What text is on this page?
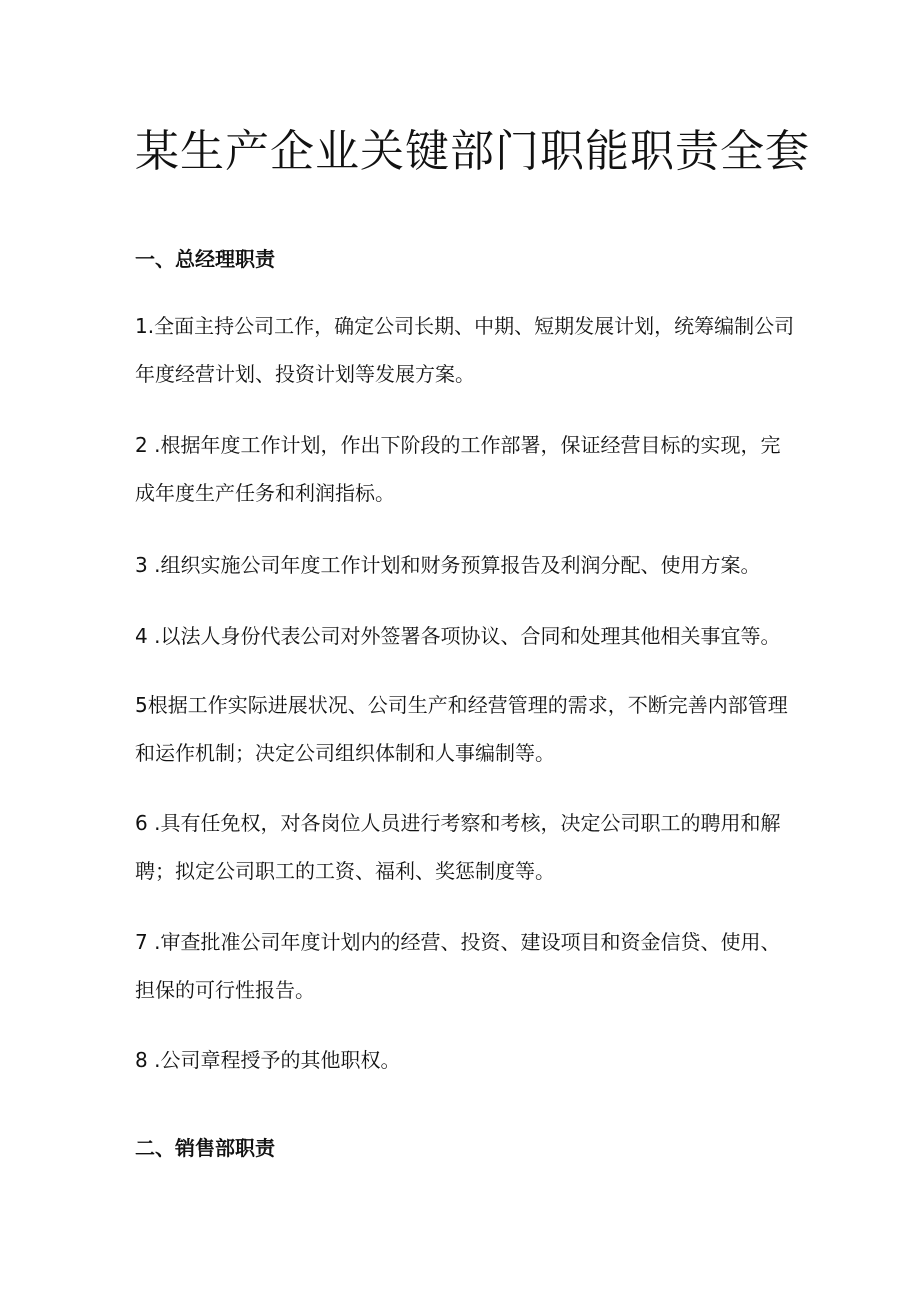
某生产企业关键部门职能职责全套
一、总经理职责

1.全面主持公司工作，确定公司长期、中期、短期发展计划，统筹编制公司
年度经营计划、投资计划等发展方案。

2 .根据年度工作计划，作出下阶段的工作部署，保证经营目标的实现，完
成年度生产任务和利润指标。

3 .组织实施公司年度工作计划和财务预算报告及利润分配、使用方案。

4 .以法人身份代表公司对外签署各项协议、合同和处理其他相关事宜等。

5根据工作实际进展状况、公司生产和经营管理的需求，不断完善内部管理
和运作机制；决定公司组织体制和人事编制等。

6 .具有任免权，对各岗位人员进行考察和考核，决定公司职工的聘用和解
聘；拟定公司职工的工资、福利、奖惩制度等。

7 .审查批准公司年度计划内的经营、投资、建设项目和资金信贷、使用、
担保的可行性报告。

8 .公司章程授予的其他职权。

二、销售部职责
